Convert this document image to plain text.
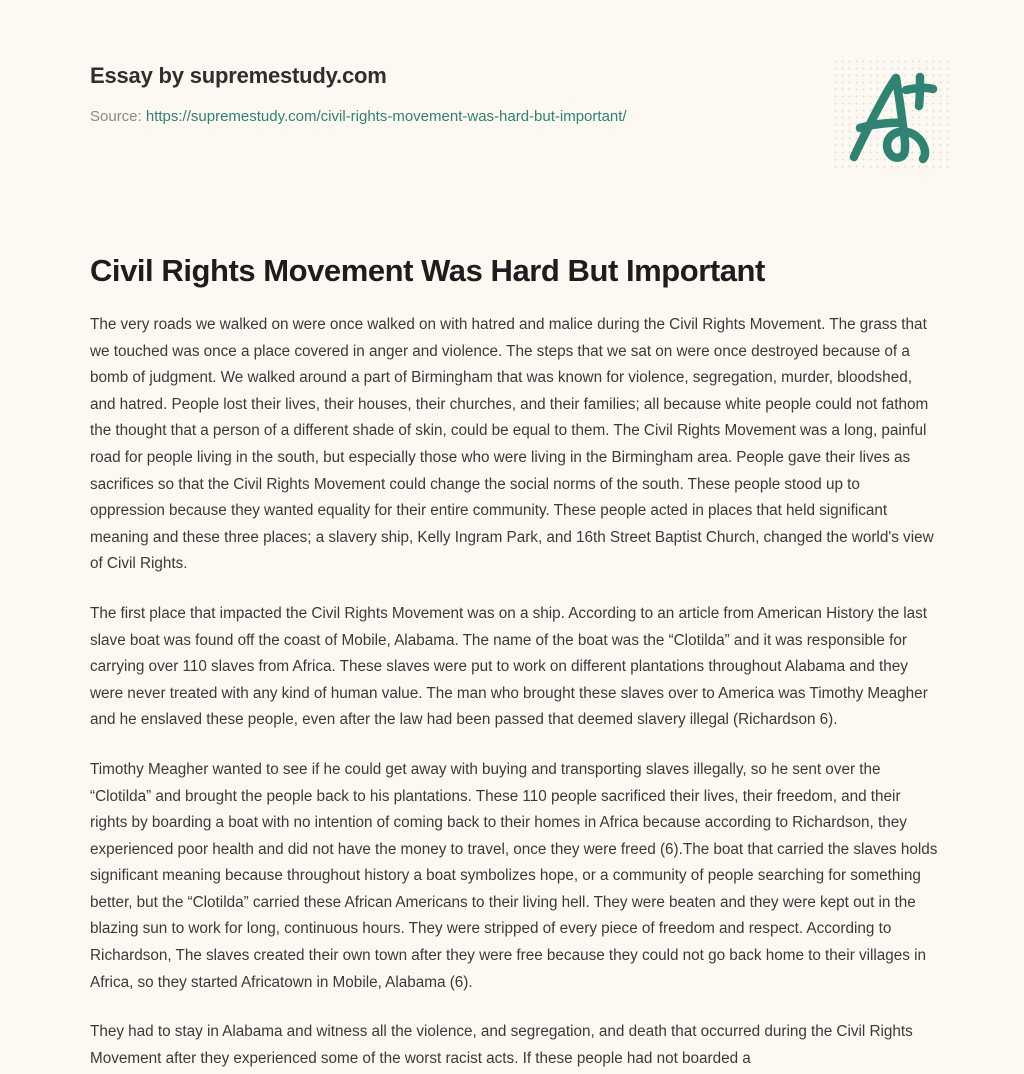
Essay by supremestudy.com
Source: https://supremestudy.com/civil-rights-movement-was-hard-but-important/
Civil Rights Movement Was Hard But Important

The very roads we walked on were once walked on with hatred and malice during the Civil Rights Movement. The grass that we touched was once a place covered in anger and violence. The steps that we sat on were once destroyed because of a bomb of judgment. We walked around a part of Birmingham that was known for violence, segregation, murder, bloodshed, and hatred. People lost their lives, their houses, their churches, and their families; all because white people could not fathom the thought that a person of a different shade of skin, could be equal to them. The Civil Rights Movement was a long, painful road for people living in the south, but especially those who were living in the Birmingham area. People gave their lives as sacrifices so that the Civil Rights Movement could change the social norms of the south. These people stood up to oppression because they wanted equality for their entire community. These people acted in places that held significant meaning and these three places; a slavery ship, Kelly Ingram Park, and 16th Street Baptist Church, changed the world's view of Civil Rights.

The first place that impacted the Civil Rights Movement was on a ship. According to an article from American History the last slave boat was found off the coast of Mobile, Alabama. The name of the boat was the “Clotilda” and it was responsible for carrying over 110 slaves from Africa. These slaves were put to work on different plantations throughout Alabama and they were never treated with any kind of human value. The man who brought these slaves over to America was Timothy Meagher and he enslaved these people, even after the law had been passed that deemed slavery illegal (Richardson 6).

Timothy Meagher wanted to see if he could get away with buying and transporting slaves illegally, so he sent over the “Clotilda” and brought the people back to his plantations. These 110 people sacrificed their lives, their freedom, and their rights by boarding a boat with no intention of coming back to their homes in Africa because according to Richardson, they experienced poor health and did not have the money to travel, once they were freed (6).The boat that carried the slaves holds significant meaning because throughout history a boat symbolizes hope, or a community of people searching for something better, but the “Clotilda” carried these African Americans to their living hell. They were beaten and they were kept out in the blazing sun to work for long, continuous hours. They were stripped of every piece of freedom and respect. According to Richardson, The slaves created their own town after they were free because they could not go back home to their villages in Africa, so they started Africatown in Mobile, Alabama (6).

They had to stay in Alabama and witness all the violence, and segregation, and death that occurred during the Civil Rights Movement after they experienced some of the worst racist acts. If these people had not boarded a
